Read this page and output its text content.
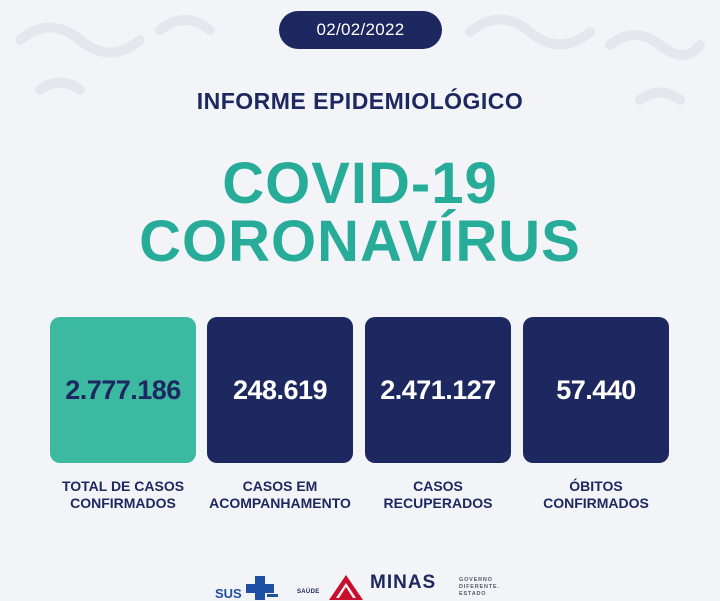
02/02/2022
INFORME EPIDEMIOLÓGICO
COVID-19
CORONAVÍRUS
2.777.186 248.619 2.471.127 57.440
TOTAL DE CASOS
CONFIRMADOS
CASOS EM
ACOMPANHAMENTO
CASOS
RECUPERADOS
ÓBITOS
CONFIRMADOS
SUS	SAÚDE	MINAS	GOVERNO
DIFERENTE.
ESTADO
